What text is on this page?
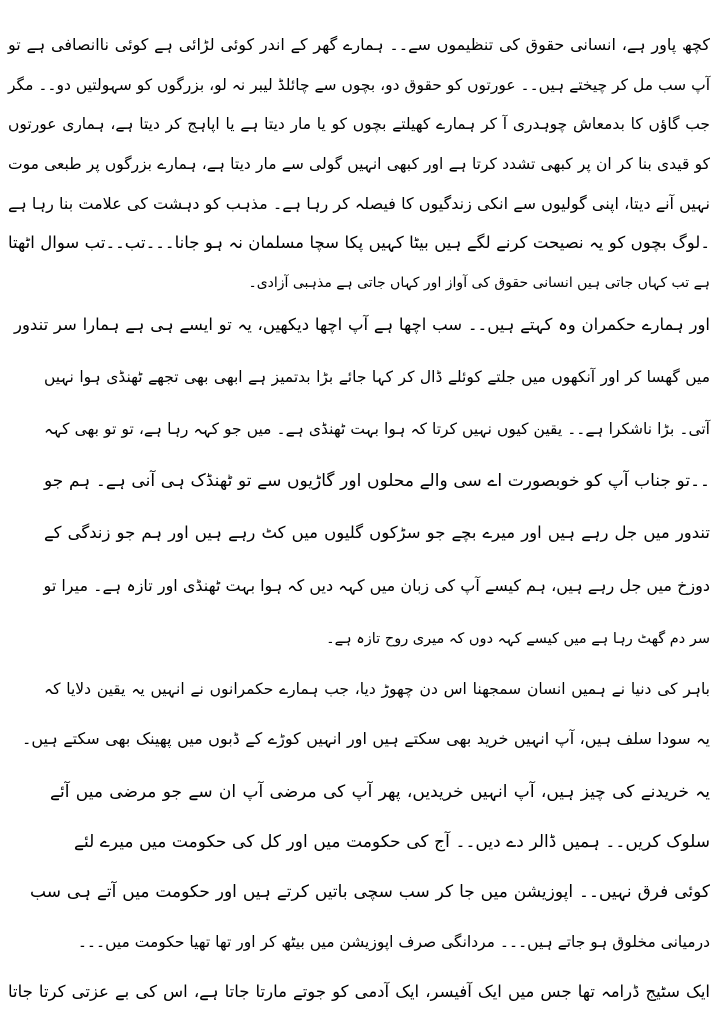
کچھ پاور ہے، انسانی حقوق کی تنظیموں سے۔۔ ہمارے گھر کے اندر کوئی لڑائی ہے کوئی ناانصافی ہے تو
آپ سب مل کر چیختے ہیں۔۔ عورتوں کو حقوق دو، بچوں سے چائلڈ لیبر نہ لو، بزرگوں کو سہولتیں دو۔۔ مگر
جب گاؤں کا بدمعاش چوہدری آ کر ہمارے کھیلتے بچوں کو یا مار دیتا ہے یا اپاہج کر دیتا ہے، ہماری عورتوں
کو قیدی بنا کر ان پر کبھی تشدد کرتا ہے اور کبھی انہیں گولی سے مار دیتا ہے، ہمارے بزرگوں پر طبعی موت
نہیں آنے دیتا، اپنی گولیوں سے انکی زندگیوں کا فیصلہ کر رہا ہے۔ مذہب کو دہشت کی علامت بنا رہا ہے
۔لوگ بچوں کو یہ نصیحت کرنے لگے ہیں بیٹا کہیں پکا سچا مسلمان نہ ہو جانا۔۔۔تب۔۔تب سوال اٹھتا
ہے تب کہاں جاتی ہیں انسانی حقوق کی آواز اور کہاں جاتی ہے مذہبی آزادی۔
اور ہمارے حکمران وہ کہتے ہیں۔۔ سب اچھا ہے آپ اچھا دیکھیں، یہ تو ایسے ہی ہے ہمارا سر تندور
میں گھسا کر اور آنکھوں میں جلتے کوئلے ڈال کر کہا جائے بڑا بدتمیز ہے ابھی بھی تجھے ٹھنڈی ہوا نہیں
آتی۔ بڑا ناشکرا ہے۔۔ یقین کیوں نہیں کرتا کہ ہوا بہت ٹھنڈی ہے۔ میں جو کہہ رہا ہے، تو تو بھی کہہ
۔۔تو جناب آپ کو خوبصورت اے سی والے محلوں اور گاڑیوں سے تو ٹھنڈک ہی آنی ہے۔ ہم جو
تندور میں جل رہے ہیں اور میرے بچے جو سڑکوں گلیوں میں کٹ رہے ہیں اور ہم جو زندگی کے
دوزخ میں جل رہے ہیں، ہم کیسے آپ کی زبان میں کہہ دیں کہ ہوا بہت ٹھنڈی اور تازہ ہے۔ میرا تو
سر دم گھٹ رہا ہے میں کیسے کہہ دوں کہ میری روح تازہ ہے۔
باہر کی دنیا نے ہمیں انسان سمجھنا اس دن چھوڑ دیا، جب ہمارے حکمرانوں نے انہیں یہ یقین دلایا کہ
یہ سودا سلف ہیں، آپ انہیں خرید بھی سکتے ہیں اور انہیں کوڑے کے ڈبوں میں پھینک بھی سکتے ہیں۔
یہ خریدنے کی چیز ہیں، آپ انہیں خریدیں، پھر آپ کی مرضی آپ ان سے جو مرضی میں آئے
سلوک کریں۔۔ ہمیں ڈالر دے دیں۔۔ آج کی حکومت میں اور کل کی حکومت میں میرے لئے
کوئی فرق نہیں۔۔ اپوزیشن میں جا کر سب سچی باتیں کرتے ہیں اور حکومت میں آتے ہی سب
درمیانی مخلوق ہو جاتے ہیں۔۔۔ مردانگی صرف اپوزیشن میں بیٹھ کر اور تھا تھیا حکومت میں۔۔۔
ایک سٹیج ڈرامہ تھا جس میں ایک آفیسر، ایک آدمی کو جوتے مارتا جاتا ہے، اس کی بے عزتی کرتا جاتا
